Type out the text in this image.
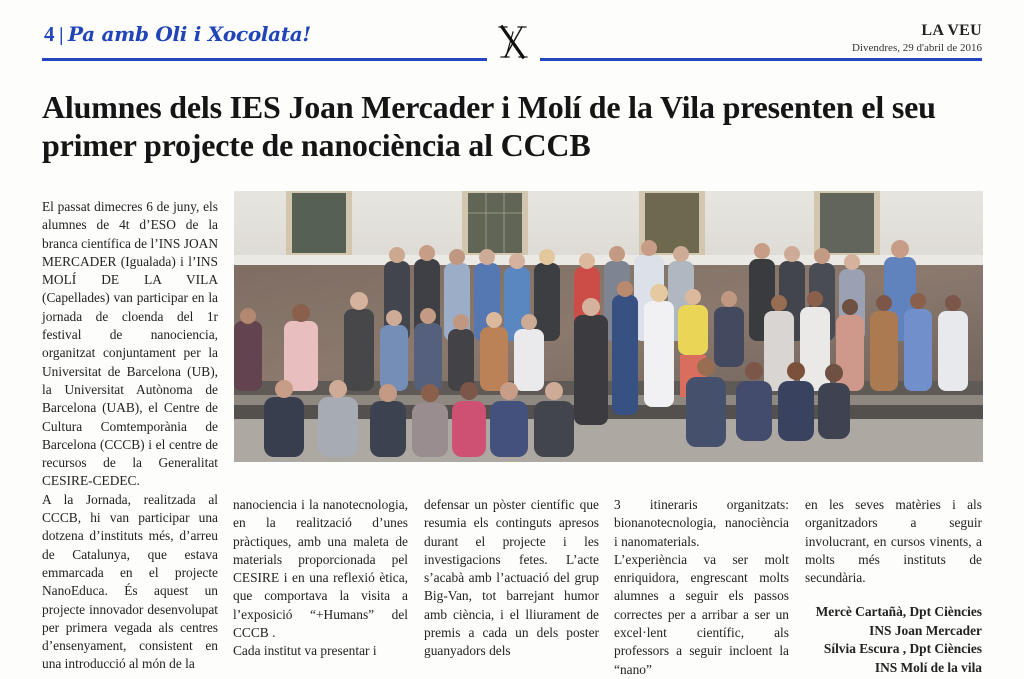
4 | Pa amb Oli i Xocolata!	LA VEU
Divendres, 29 d'abril de 2016
Alumnes dels IES Joan Mercader i Molí de la Vila presenten el seu primer projecte de nanociència al CCCB

El passat dimecres 6 de juny, els alumnes de 4t d’ESO de la branca científica de l’INS JOAN MERCADER (Igualada) i l’INS MOLÍ DE LA VILA (Capellades) van participar en la jornada de cloenda del 1r festival de nanociencia, organitzat conjuntament per la Universitat de Barcelona (UB), la Universitat Autònoma de Barcelona (UAB), el Centre de Cultura Comtemporània de Barcelona (CCCB) i el centre de recursos de la Generalitat CESIRE-CEDEC.

A la Jornada, realitzada al CCCB, hi van participar una dotzena d’instituts més, d’arreu de Catalunya, que estava emmarcada en el projecte NanoEduca. És aquest un projecte innovador desenvolupat per primera vegada als centres d’ensenyament, consistent en una introducció al món de la

nanociencia i la nanotecnologia, en la realització d’unes pràctiques, amb una maleta de materials proporcionada pel CESIRE i en una reflexió ètica, que comportava la visita a l’exposició “+Humans” del CCCB .

Cada institut va presentar i

defensar un pòster científic que resumia els continguts apresos durant el projecte i les investigacions fetes. L’acte s’acabà amb l’actuació del grup Big-Van, tot barrejant humor amb ciència, i el lliurament de premis a cada un dels poster guanyadors dels

3 itineraris organitzats: bionanotecnologia, nanociència i nanomaterials.

L’experiència va ser molt enriquidora, engrescant molts alumnes a seguir els passos correctes per a arribar a ser un excel·lent científic, als professors a seguir incloent la “nano”

en les seves matèries i als organitzadors a seguir involucrant, en cursos vinents, a molts més instituts de secundària.

Mercè Cartañà, Dpt Ciències
INS Joan Mercader
Sílvia Escura , Dpt Ciències
INS Molí de la vila
